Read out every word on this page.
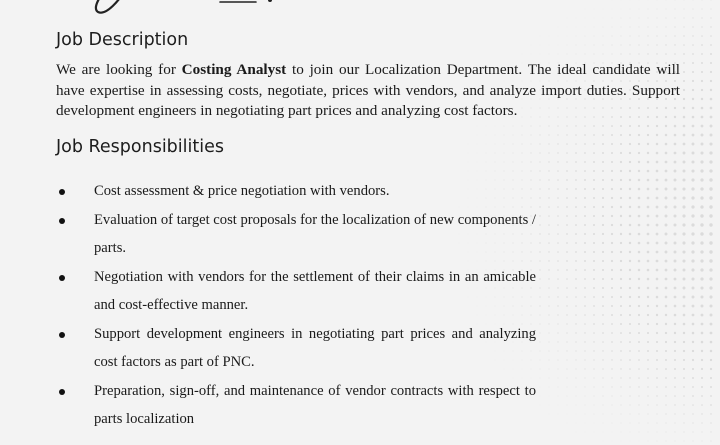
Job Description

We are looking for Costing Analyst to join our Localization Department. The ideal candidate will have expertise in assessing costs, negotiate, prices with vendors, and analyze import duties. Support development engineers in negotiating part prices and analyzing cost factors.

Job Responsibilities
Cost assessment & price negotiation with vendors.
Evaluation of target cost proposals for the localization of new components / parts.
Negotiation with vendors for the settlement of their claims in an amicable and cost-effective manner.
Support development engineers in negotiating part prices and analyzing cost factors as part of PNC.
Preparation, sign-off, and maintenance of vendor contracts with respect to parts localization
